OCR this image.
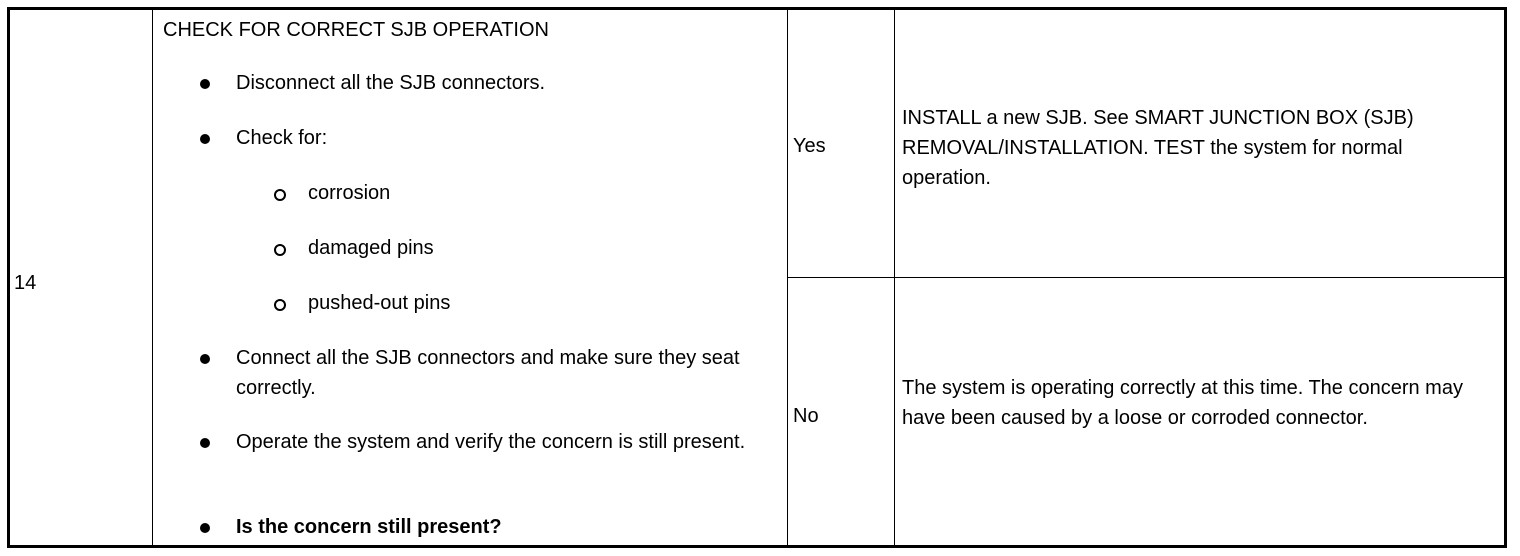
14
CHECK FOR CORRECT SJB OPERATION
Disconnect all the SJB connectors.
Check for:
corrosion
damaged pins
pushed-out pins
Connect all the SJB connectors and make sure they seat correctly.
Operate the system and verify the concern is still present.
Is the concern still present?
Yes
INSTALL a new SJB. See SMART JUNCTION BOX (SJB) REMOVAL/INSTALLATION. TEST the system for normal operation.
No
The system is operating correctly at this time. The concern may have been caused by a loose or corroded connector.
